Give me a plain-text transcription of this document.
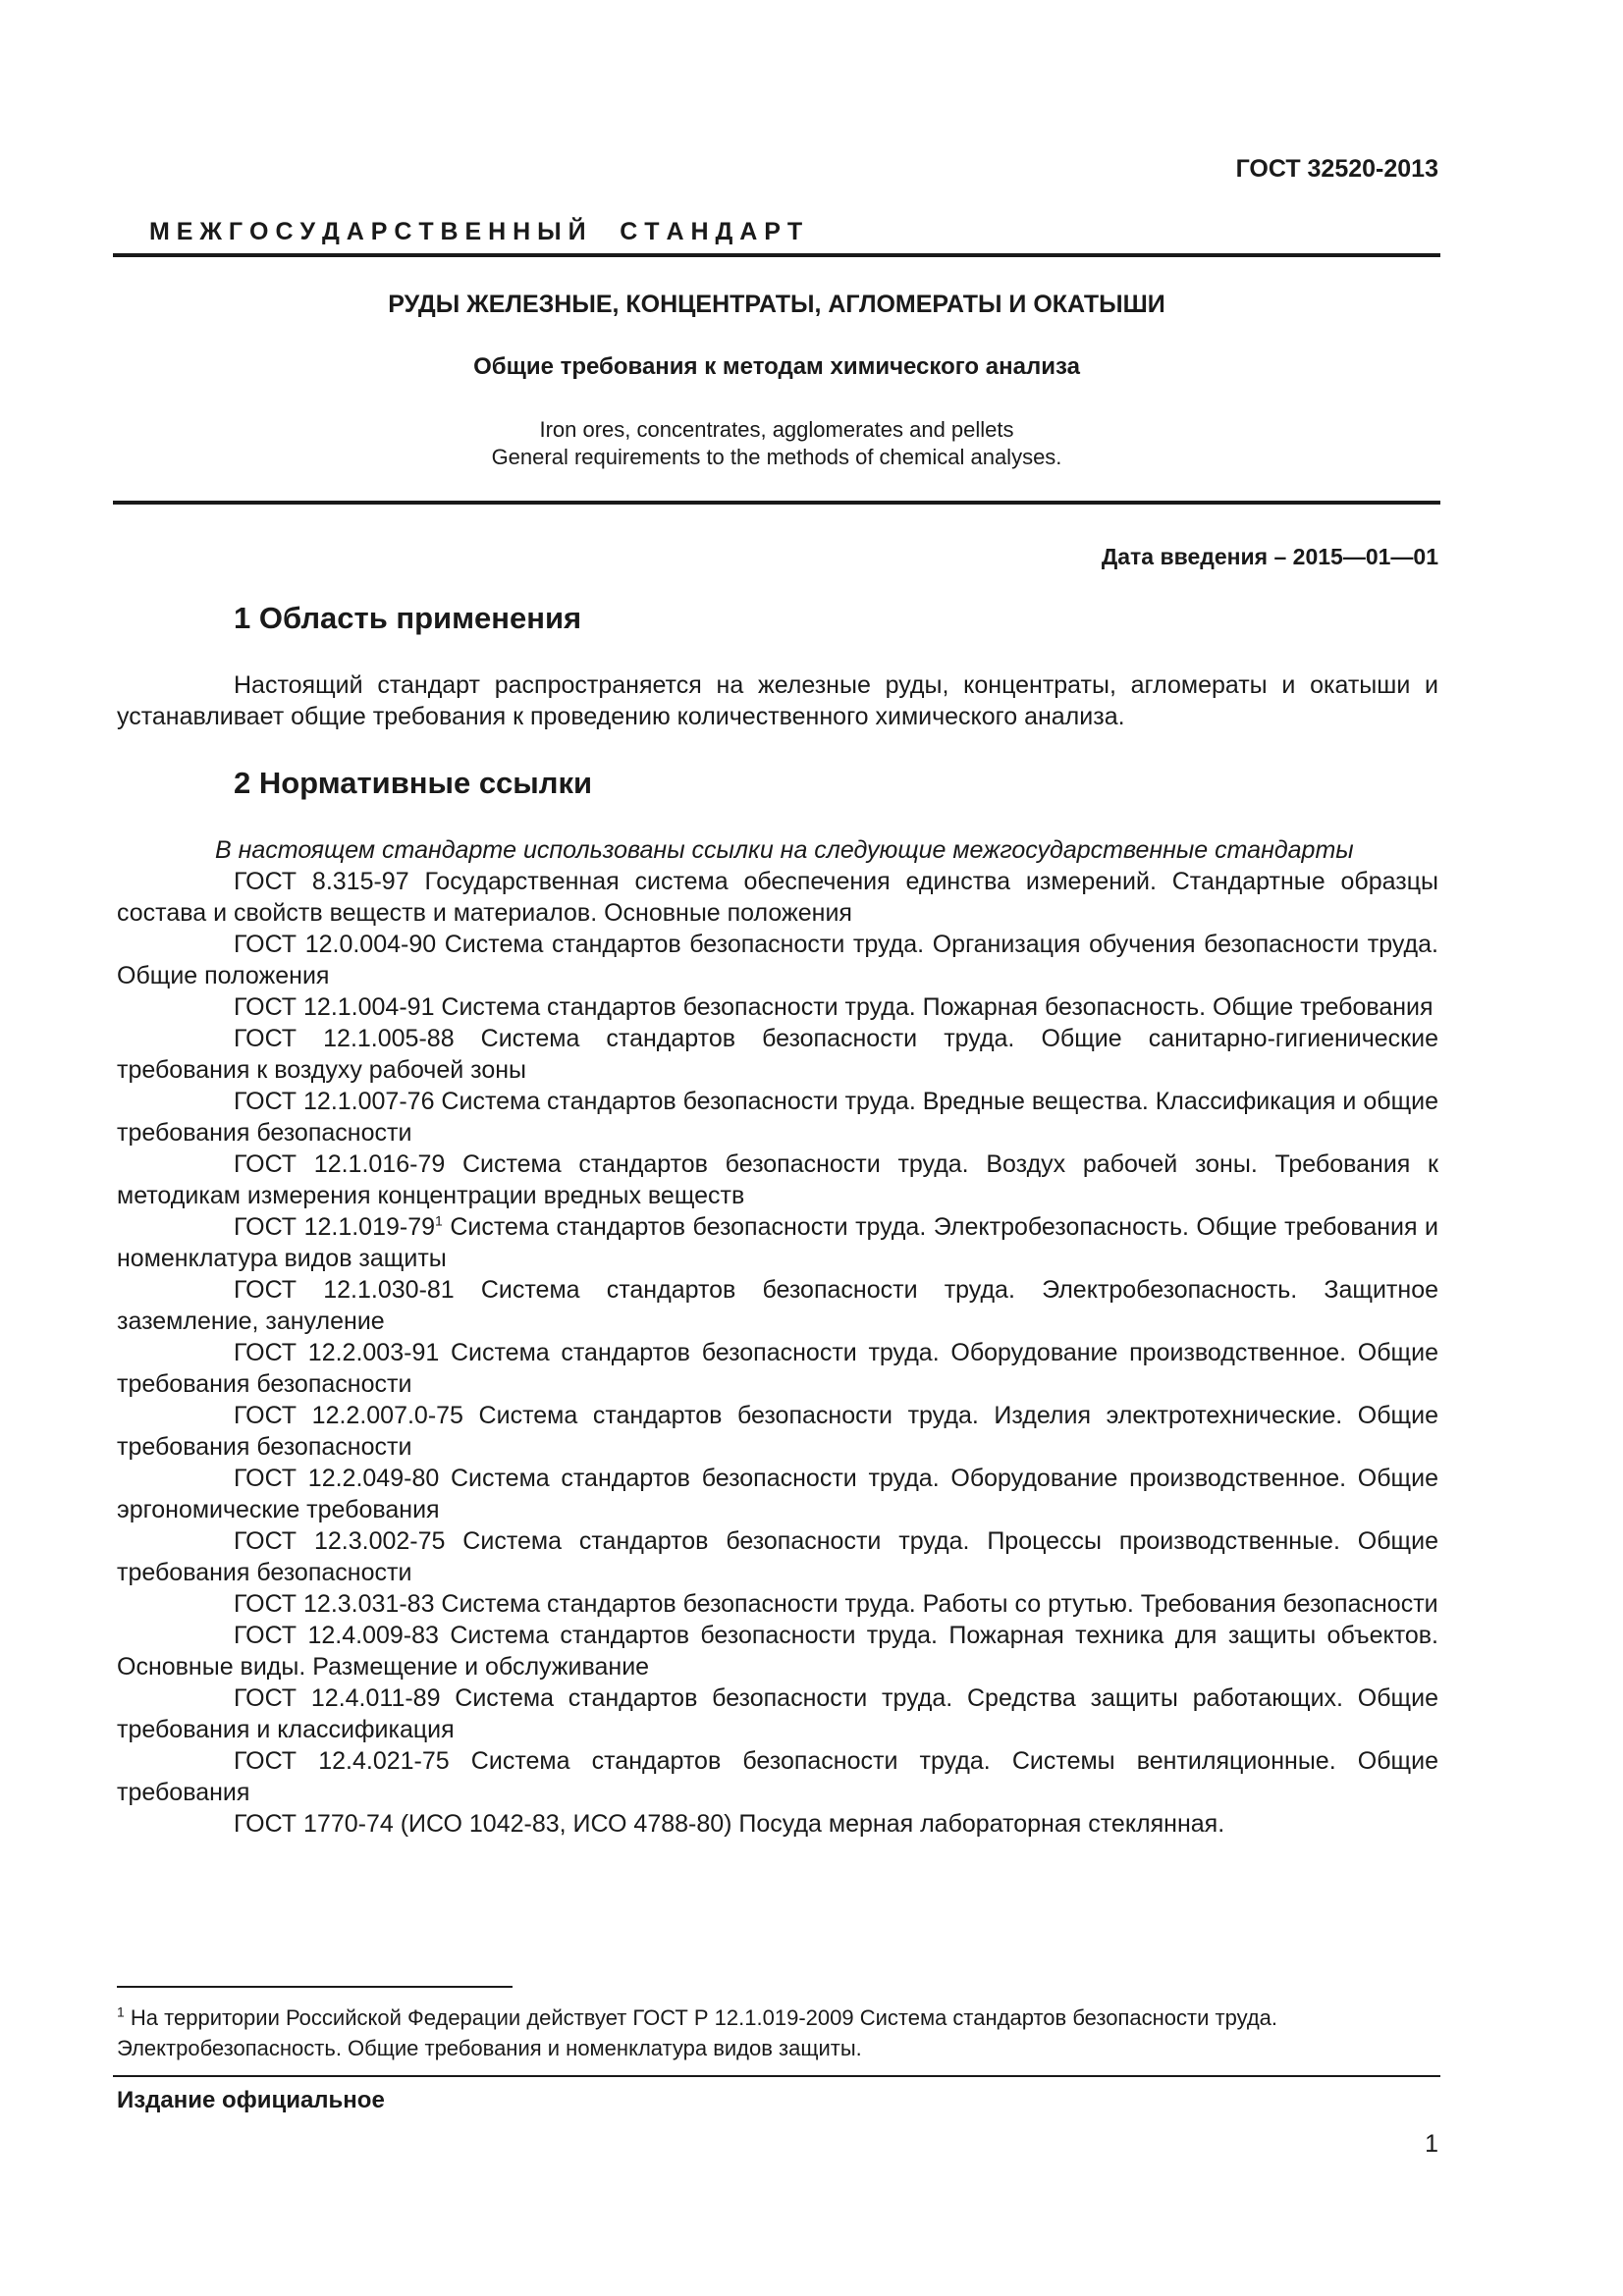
ГОСТ 32520-2013
М Е Ж Г О С У Д А Р С Т В Е Н Н Ы Й     С Т А Н Д А Р Т
РУДЫ ЖЕЛЕЗНЫЕ, КОНЦЕНТРАТЫ, АГЛОМЕРАТЫ И ОКАТЫШИ
Общие требования к методам химического анализа
Iron ores, concentrates, agglomerates and pellets
General requirements to the methods of chemical analyses.
Дата введения – 2015—01—01
1 Область применения

Настоящий стандарт распространяется на железные руды, концентраты, агломераты и окатыши и устанавливает общие требования к проведению количественного химического анализа.

2 Нормативные ссылки

В настоящем стандарте использованы ссылки на следующие межгосударственные стандарты

ГОСТ 8.315-97 Государственная система обеспечения единства измерений. Стандартные образцы состава и свойств веществ и материалов. Основные положения

ГОСТ 12.0.004-90 Система стандартов безопасности труда. Организация обучения безопасности труда. Общие положения

ГОСТ 12.1.004-91 Система стандартов безопасности труда. Пожарная безопасность. Общие требования

ГОСТ 12.1.005-88 Система стандартов безопасности труда. Общие санитарно-гигиенические требования к воздуху рабочей зоны

ГОСТ 12.1.007-76 Система стандартов безопасности труда. Вредные вещества. Классификация и общие требования безопасности

ГОСТ 12.1.016-79 Система стандартов безопасности труда. Воздух рабочей зоны. Требования к методикам измерения концентрации вредных веществ

ГОСТ $12.1.019-79^1$ Система стандартов безопасности труда. Электробезопасность. Общие требования и номенклатура видов защиты

ГОСТ 12.1.030-81 Система стандартов безопасности труда. Электробезопасность. Защитное заземление, зануление

ГОСТ 12.2.003-91 Система стандартов безопасности труда. Оборудование производственное. Общие требования безопасности

ГОСТ 12.2.007.0-75 Система стандартов безопасности труда. Изделия электротехнические. Общие требования безопасности

ГОСТ 12.2.049-80 Система стандартов безопасности труда. Оборудование производственное. Общие эргономические требования

ГОСТ 12.3.002-75 Система стандартов безопасности труда. Процессы производственные. Общие требования безопасности

ГОСТ 12.3.031-83 Система стандартов безопасности труда. Работы со ртутью. Требования безопасности

ГОСТ 12.4.009-83 Система стандартов безопасности труда. Пожарная техника для защиты объектов. Основные виды. Размещение и обслуживание

ГОСТ 12.4.011-89 Система стандартов безопасности труда. Средства защиты работающих. Общие требования и классификация

ГОСТ 12.4.021-75 Система стандартов безопасности труда. Системы вентиляционные. Общие требования

ГОСТ 1770-74 (ИСО 1042-83, ИСО 4788-80) Посуда мерная лабораторная стеклянная.

$^1$ На территории Российской Федерации действует ГОСТ Р 12.1.019-2009 Система стандартов безопасности труда. Электробезопасность. Общие требования и номенклатура видов защиты.
Издание официальное
1
